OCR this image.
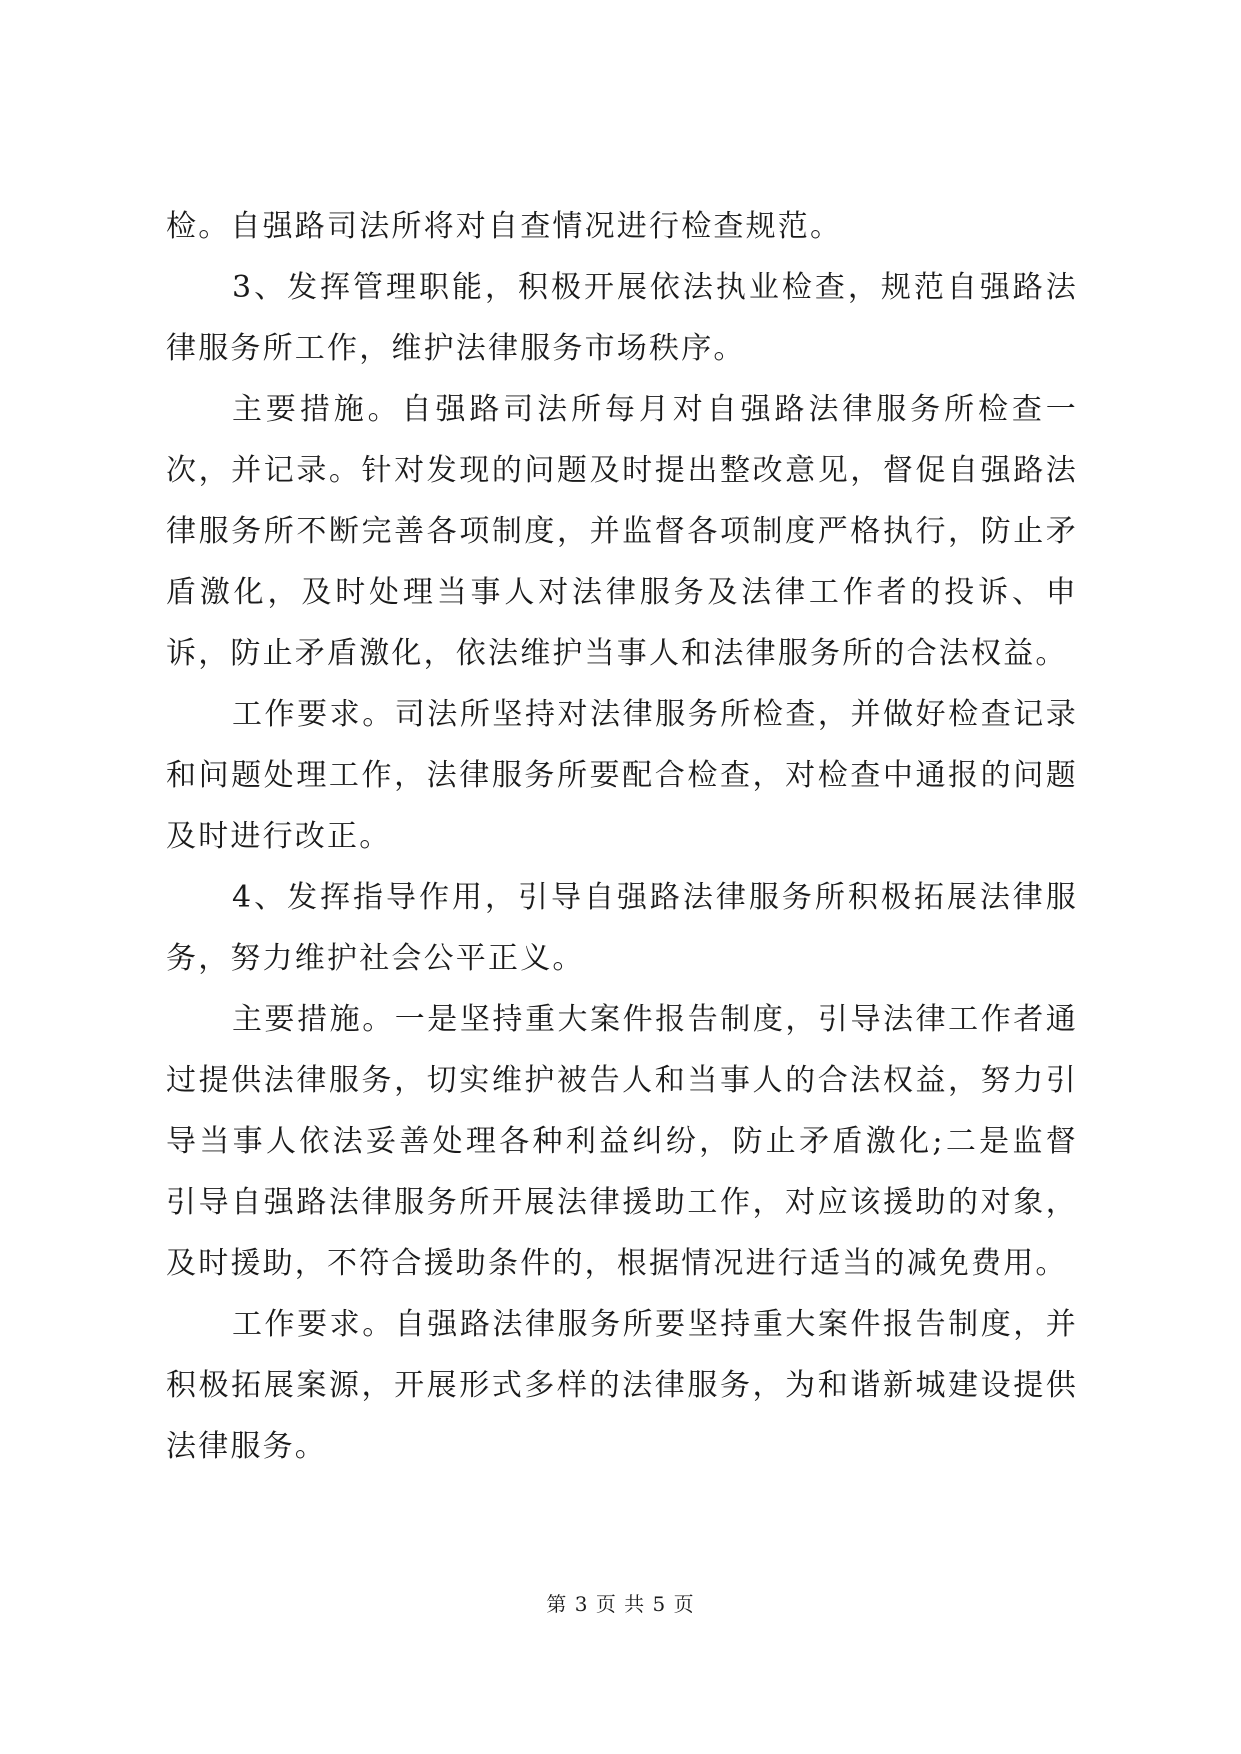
检。自强路司法所将对自查情况进行检查规范。

3、发挥管理职能，积极开展依法执业检查，规范自强路法律服务所工作，维护法律服务市场秩序。

主要措施。自强路司法所每月对自强路法律服务所检查一次，并记录。针对发现的问题及时提出整改意见，督促自强路法律服务所不断完善各项制度，并监督各项制度严格执行，防止矛盾激化，及时处理当事人对法律服务及法律工作者的投诉、申诉，防止矛盾激化，依法维护当事人和法律服务所的合法权益。

工作要求。司法所坚持对法律服务所检查，并做好检查记录和问题处理工作，法律服务所要配合检查，对检查中通报的问题及时进行改正。

4、发挥指导作用，引导自强路法律服务所积极拓展法律服务，努力维护社会公平正义。

主要措施。一是坚持重大案件报告制度，引导法律工作者通过提供法律服务，切实维护被告人和当事人的合法权益，努力引导当事人依法妥善处理各种利益纠纷，防止矛盾激化;二是监督引导自强路法律服务所开展法律援助工作，对应该援助的对象，及时援助，不符合援助条件的，根据情况进行适当的减免费用。

工作要求。自强路法律服务所要坚持重大案件报告制度，并积极拓展案源，开展形式多样的法律服务，为和谐新城建设提供法律服务。

第 3 页 共 5 页
